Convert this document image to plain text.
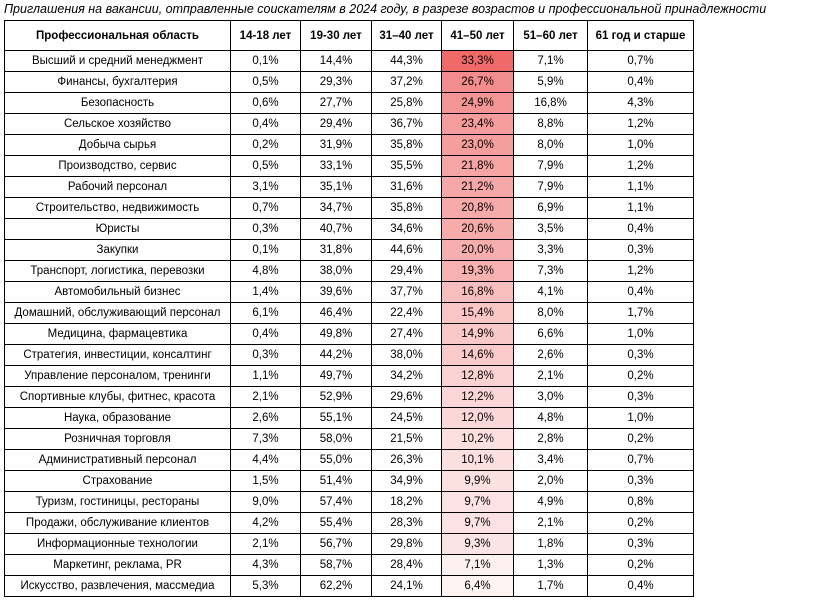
Приглашения на вакансии, отправленные соискателям в 2024 году, в разрезе возрастов и профессиональной принадлежности
Профессиональная область	14-18 лет	19-30 лет	31–40 лет	41–50 лет	51–60 лет	61 год и старше
Высший и средний менеджмент	0,1%	14,4%	44,3%	33,3%	7,1%	0,7%
Финансы, бухгалтерия	0,5%	29,3%	37,2%	26,7%	5,9%	0,4%
Безопасность	0,6%	27,7%	25,8%	24,9%	16,8%	4,3%
Сельское хозяйство	0,4%	29,4%	36,7%	23,4%	8,8%	1,2%
Добыча сырья	0,2%	31,9%	35,8%	23,0%	8,0%	1,0%
Производство, сервис	0,5%	33,1%	35,5%	21,8%	7,9%	1,2%
Рабочий персонал	3,1%	35,1%	31,6%	21,2%	7,9%	1,1%
Строительство, недвижимость	0,7%	34,7%	35,8%	20,8%	6,9%	1,1%
Юристы	0,3%	40,7%	34,6%	20,6%	3,5%	0,4%
Закупки	0,1%	31,8%	44,6%	20,0%	3,3%	0,3%
Транспорт, логистика, перевозки	4,8%	38,0%	29,4%	19,3%	7,3%	1,2%
Автомобильный бизнес	1,4%	39,6%	37,7%	16,8%	4,1%	0,4%
Домашний, обслуживающий персонал	6,1%	46,4%	22,4%	15,4%	8,0%	1,7%
Медицина, фармацевтика	0,4%	49,8%	27,4%	14,9%	6,6%	1,0%
Стратегия, инвестиции, консалтинг	0,3%	44,2%	38,0%	14,6%	2,6%	0,3%
Управление персоналом, тренинги	1,1%	49,7%	34,2%	12,8%	2,1%	0,2%
Спортивные клубы, фитнес, красота	2,1%	52,9%	29,6%	12,2%	3,0%	0,3%
Наука, образование	2,6%	55,1%	24,5%	12,0%	4,8%	1,0%
Розничная торговля	7,3%	58,0%	21,5%	10,2%	2,8%	0,2%
Административный персонал	4,4%	55,0%	26,3%	10,1%	3,4%	0,7%
Страхование	1,5%	51,4%	34,9%	9,9%	2,0%	0,3%
Туризм, гостиницы, рестораны	9,0%	57,4%	18,2%	9,7%	4,9%	0,8%
Продажи, обслуживание клиентов	4,2%	55,4%	28,3%	9,7%	2,1%	0,2%
Информационные технологии	2,1%	56,7%	29,8%	9,3%	1,8%	0,3%
Маркетинг, реклама, PR	4,3%	58,7%	28,4%	7,1%	1,3%	0,2%
Искусство, развлечения, массмедиа	5,3%	62,2%	24,1%	6,4%	1,7%	0,4%
